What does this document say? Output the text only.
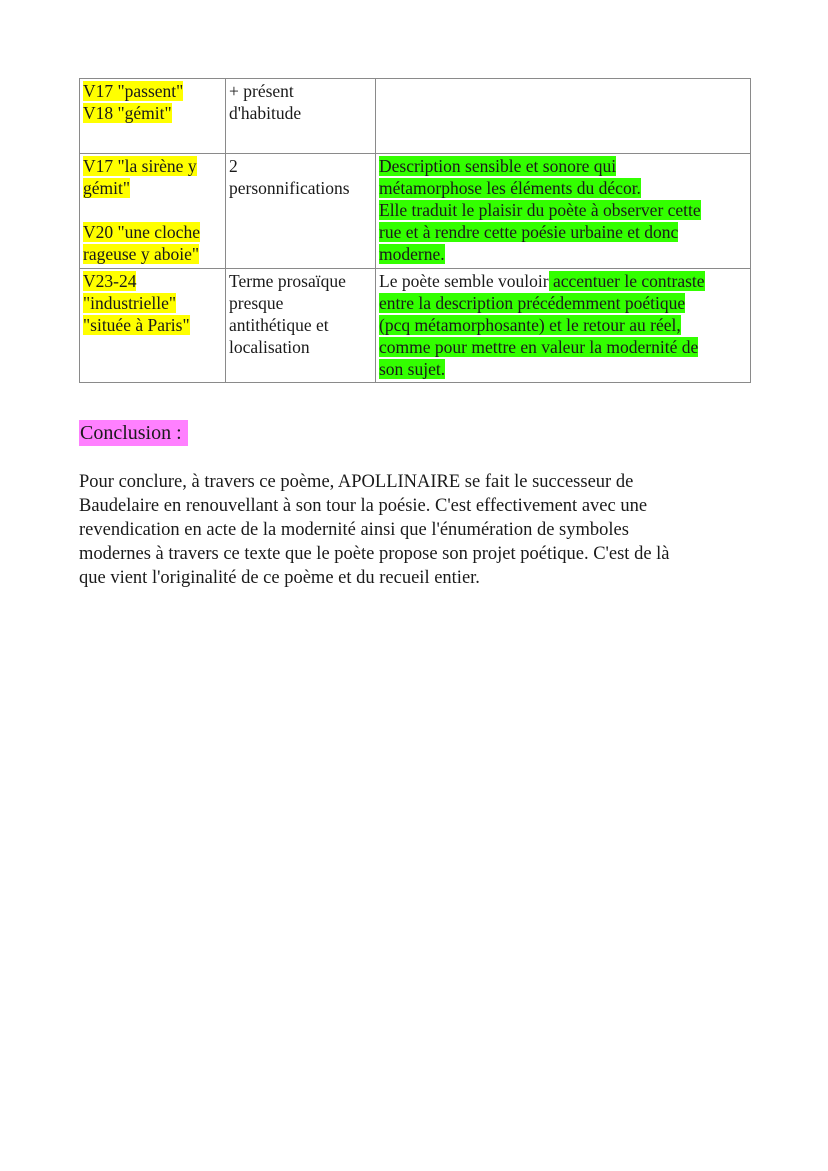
V17 "passent"
V18 "gémit"	+ présent
d'habitude	

V17 "la sirène y
gémit"
V20 "une cloche
rageuse y aboie"	2
personnifications	Description sensible et sonore qui
métamorphose les éléments du décor.
Elle traduit le plaisir du poète à observer cette
rue et à rendre cette poésie urbaine et donc
moderne.

V23-24
"industrielle"
"située à Paris"	Terme prosaïque
presque
antithétique et
localisation	Le poète semble vouloir accentuer le contraste
entre la description précédemment poétique
(pcq métamorphosante) et le retour au réel,
comme pour mettre en valeur la modernité de
son sujet.

Conclusion :

Pour conclure, à travers ce poème, APOLLINAIRE se fait le successeur de
Baudelaire en renouvellant à son tour la poésie. C'est effectivement avec une
revendication en acte de la modernité ainsi que l'énumération de symboles
modernes à travers ce texte que le poète propose son projet poétique. C'est de là
que vient l'originalité de ce poème et du recueil entier.
